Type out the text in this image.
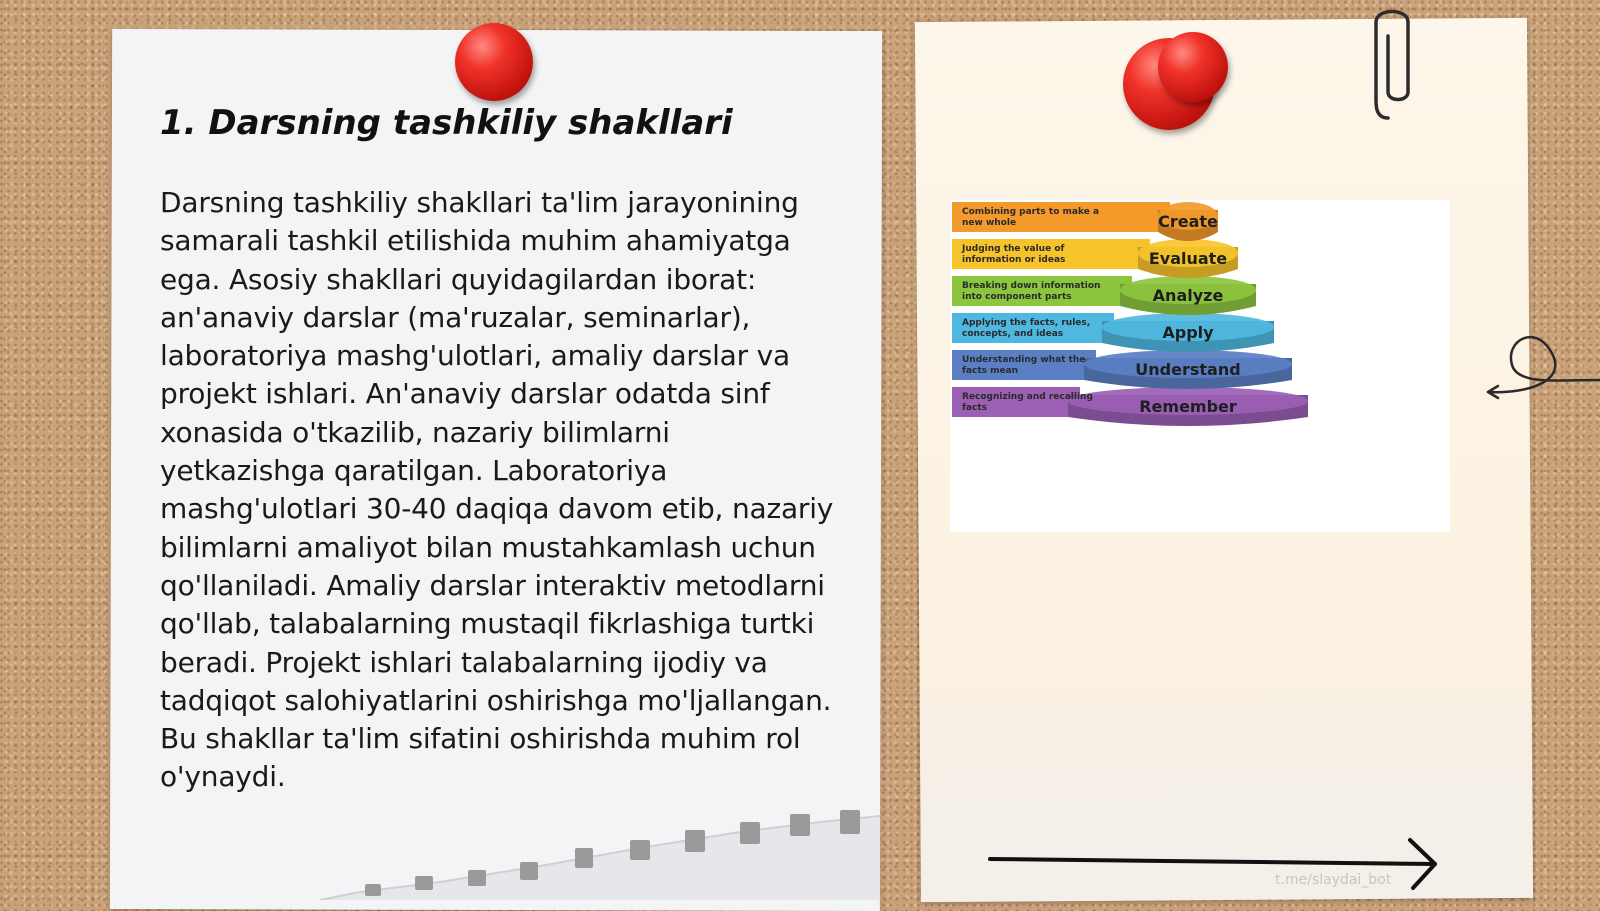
1. Darsning tashkiliy shakllari

Darsning tashkiliy shakllari ta'lim jarayonining samarali tashkil etilishida muhim ahamiyatga ega. Asosiy shakllari quyidagilardan iborat: an'anaviy darslar (ma'ruzalar, seminarlar), laboratoriya mashg'ulotlari, amaliy darslar va projekt ishlari. An'anaviy darslar odatda sinf xonasida o'tkazilib, nazariy bilimlarni yetkazishga qaratilgan. Laboratoriya mashg'ulotlari 30-40 daqiqa davom etib, nazariy bilimlarni amaliyot bilan mustahkamlash uchun qo'llaniladi. Amaliy darslar interaktiv metodlarni qo'llab, talabalarning mustaqil fikrlashiga turtki beradi. Projekt ishlari talabalarning ijodiy va tadqiqot salohiyatlarini oshirishga mo'ljallangan. Bu shakllar ta'lim sifatini oshirishda muhim rol o'ynaydi.

Remember
Recognizing and recalling
facts
Understand
Understanding what the
facts mean
Apply
Applying the facts, rules,
concepts, and ideas
Analyze
Breaking down information
into component parts
Evaluate
Judging the value of
information or ideas
Create
Combining parts to make a
new whole
t.me/slaydai_bot
